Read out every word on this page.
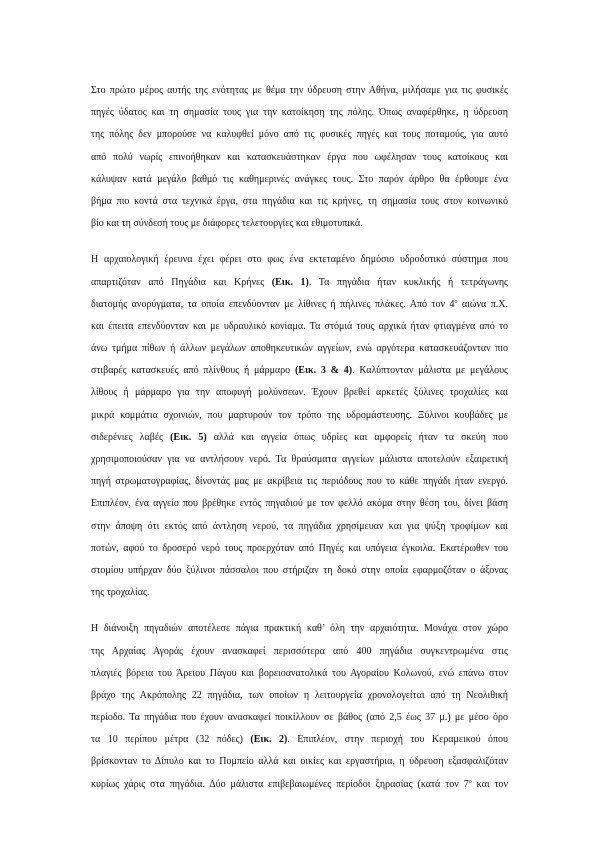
Στο πρώτο μέρος αυτής της ενότητας με θέμα την ύδρευση στην Αθήνα, μιλήσαμε για τις φυσικές
πηγές ύδατος και τη σημασία τους για την κατοίκηση της πόλης. Όπως αναφέρθηκε, η ύδρευση
της πόλης δεν μπορούσε να καλυφθεί μόνο από τις φυσικές πηγές και τους ποταμούς, για αυτό
από πολύ νωρίς επινοήθηκαν και κατασκευάστηκαν έργα που ωφέλησαν τους κατοίκους και
κάλυψαν κατά μεγάλο βαθμό τις καθημερινές ανάγκες τους. Στο παρόν άρθρο θα έρθουμε ένα
βήμα πιο κοντά στα τεχνικά έργα, στα πηγάδια και τις κρήνες, τη σημασία τους στον κοινωνικό
βίο και τη σύνδεσή τους με διάφορες τελετουργίες και εθιμοτυπικά.
Η αρχαιολογική έρευνα έχει φέρει στο φως ένα εκτεταμένο δημόσιο υδροδοτικό σύστημα που
απαρτιζόταν από Πηγάδια και Κρήνες (Εικ. 1). Τα πηγάδια ήταν κυκλικής ή τετράγωνης
διατομής ανορύγματα, τα οποία επενδύονταν με λίθινες ή πήλινες πλάκες. Από τον $4^o$ αιώνα π.Χ.
και έπειτα επενδύονταν και με υδραυλικό κονίαμα. Τα στόμιά τους αρχικά ήταν φτιαγμένα από το
άνω τμήμα πίθων ή άλλων μεγάλων αποθηκευτικών αγγείων, ενώ αργότερα κατασκευάζονταν πιο
στιβαρές κατασκευές από πλίνθους ή μάρμαρο (Εικ. 3 & 4). Καλύπτονταν μάλιστα με μεγάλους
λίθους ή μάρμαρο για την αποφυγή μολύνσεων. Έχουν βρεθεί αρκετές ξύλινες τροχαλίες και
μικρά κομμάτια σχοινιών, που μαρτυρούν τον τρόπο της υδρομάστευσης. Ξύλινοι κουβάδες με
σιδερένιες λαβές (Εικ. 5) αλλά και αγγεία όπως υδρίες και αμφορείς ήταν τα σκεύη που
χρησιμοποιούσαν για να αντλήσουν νερό. Τα θραύσματα αγγείων μάλιστα αποτελούν εξαιρετική
πηγή στρωματογραφίας, δίνοντάς μας με ακρίβεια τις περιόδους που το κάθε πηγάδι ήταν ενεργό.
Επιπλέον, ένα αγγείο που βρέθηκε εντός πηγαδιού με τον φελλό ακόμα στην θέση του, δίνει βάση
στην άποψη ότι εκτός από άντληση νερού, τα πηγάδια χρησίμευαν και για ψύξη τροφίμων και
ποτών, αφού το δροσερό νερό τους προερχόταν από Πηγές και υπόγεια έγκοιλα. Εκατέρωθεν του
στομίου υπήρχαν δύο ξύλινοι πάσσαλοι που στήριζαν τη δοκό στην οποία εφαρμοζόταν ο άξονας
της τροχαλίας.
Η διάνοιξη πηγαδιών αποτέλεσε πάγια πρακτική καθ’ όλη την αρχαιότητα. Μονάχα στον χώρο
της Αρχαίας Αγοράς έχουν ανασκαφεί περισσότερα από 400 πηγάδια συγκεντρωμένα στις
πλαγιές βόρεια του Άρειου Πάγου και βορειοανατολικά του Αγοραίου Κολωνού, ενώ επάνω στον
βράχο της Ακρόπολης 22 πηγάδια, των οποίων η λειτουργεία χρονολογείται από τη Νεολιθική
περίοδο. Τα πηγάδια που έχουν ανασκαφεί ποικίλλουν σε βάθος (από 2,5 έως 37 μ.) με μέσο όρο
τα 10 περίπου μέτρα (32 πόδες) (Εικ. 2). Επιπλέον, στην περιοχή του Κεραμεικού όπου
βρίσκονταν το Δίπυλο και το Πομπείο αλλά και οικίες και εργαστήρια, η ύδρευση εξασφαλιζόταν
κυρίως χάρις στα πηγάδια. Δύο μάλιστα επιβεβαιωμένες περίοδοι ξηρασίας (κατά τον $7^o$ και τον
